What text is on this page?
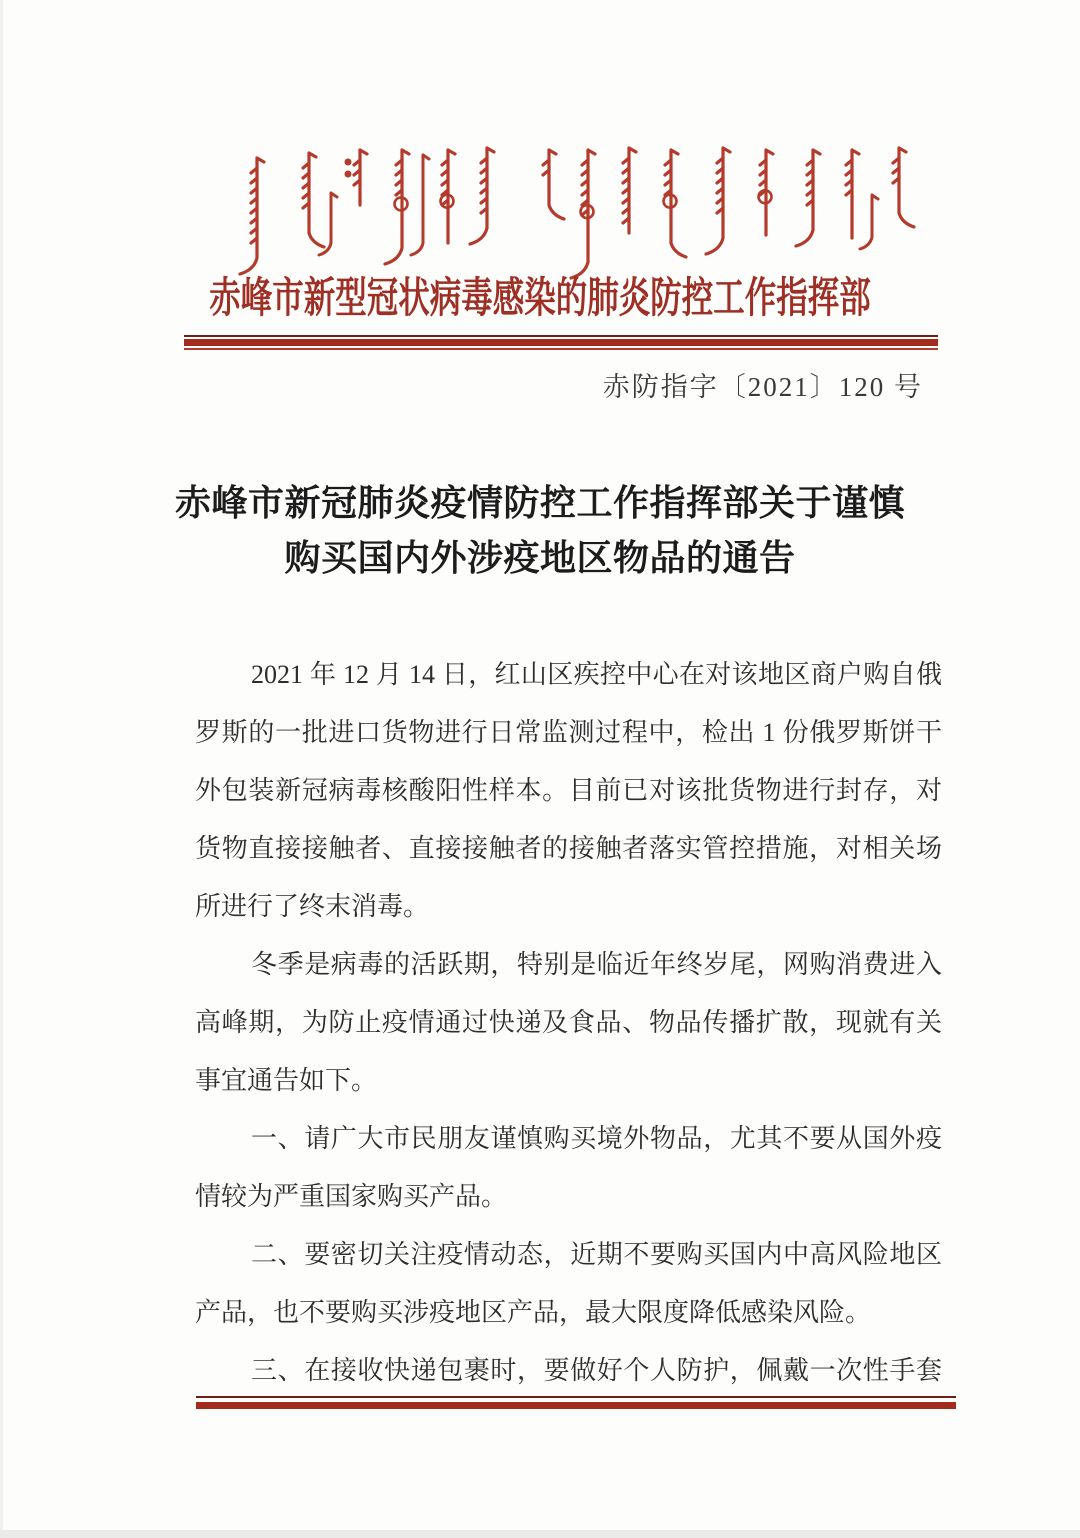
赤峰市新型冠状病毒感染的肺炎防控工作指挥部
赤防指字〔2021〕120 号
赤峰市新冠肺炎疫情防控工作指挥部关于谨慎
购买国内外涉疫地区物品的通告
2021 年 12 月 14 日，红山区疾控中心在对该地区商户购自俄
罗斯的一批进口货物进行日常监测过程中，检出 1 份俄罗斯饼干
外包装新冠病毒核酸阳性样本。目前已对该批货物进行封存，对
货物直接接触者、直接接触者的接触者落实管控措施，对相关场
所进行了终末消毒。
冬季是病毒的活跃期，特别是临近年终岁尾，网购消费进入
高峰期，为防止疫情通过快递及食品、物品传播扩散，现就有关
事宜通告如下。
一、请广大市民朋友谨慎购买境外物品，尤其不要从国外疫
情较为严重国家购买产品。
二、要密切关注疫情动态，近期不要购买国内中高风险地区
产品，也不要购买涉疫地区产品，最大限度降低感染风险。
三、在接收快递包裹时，要做好个人防护，佩戴一次性手套
